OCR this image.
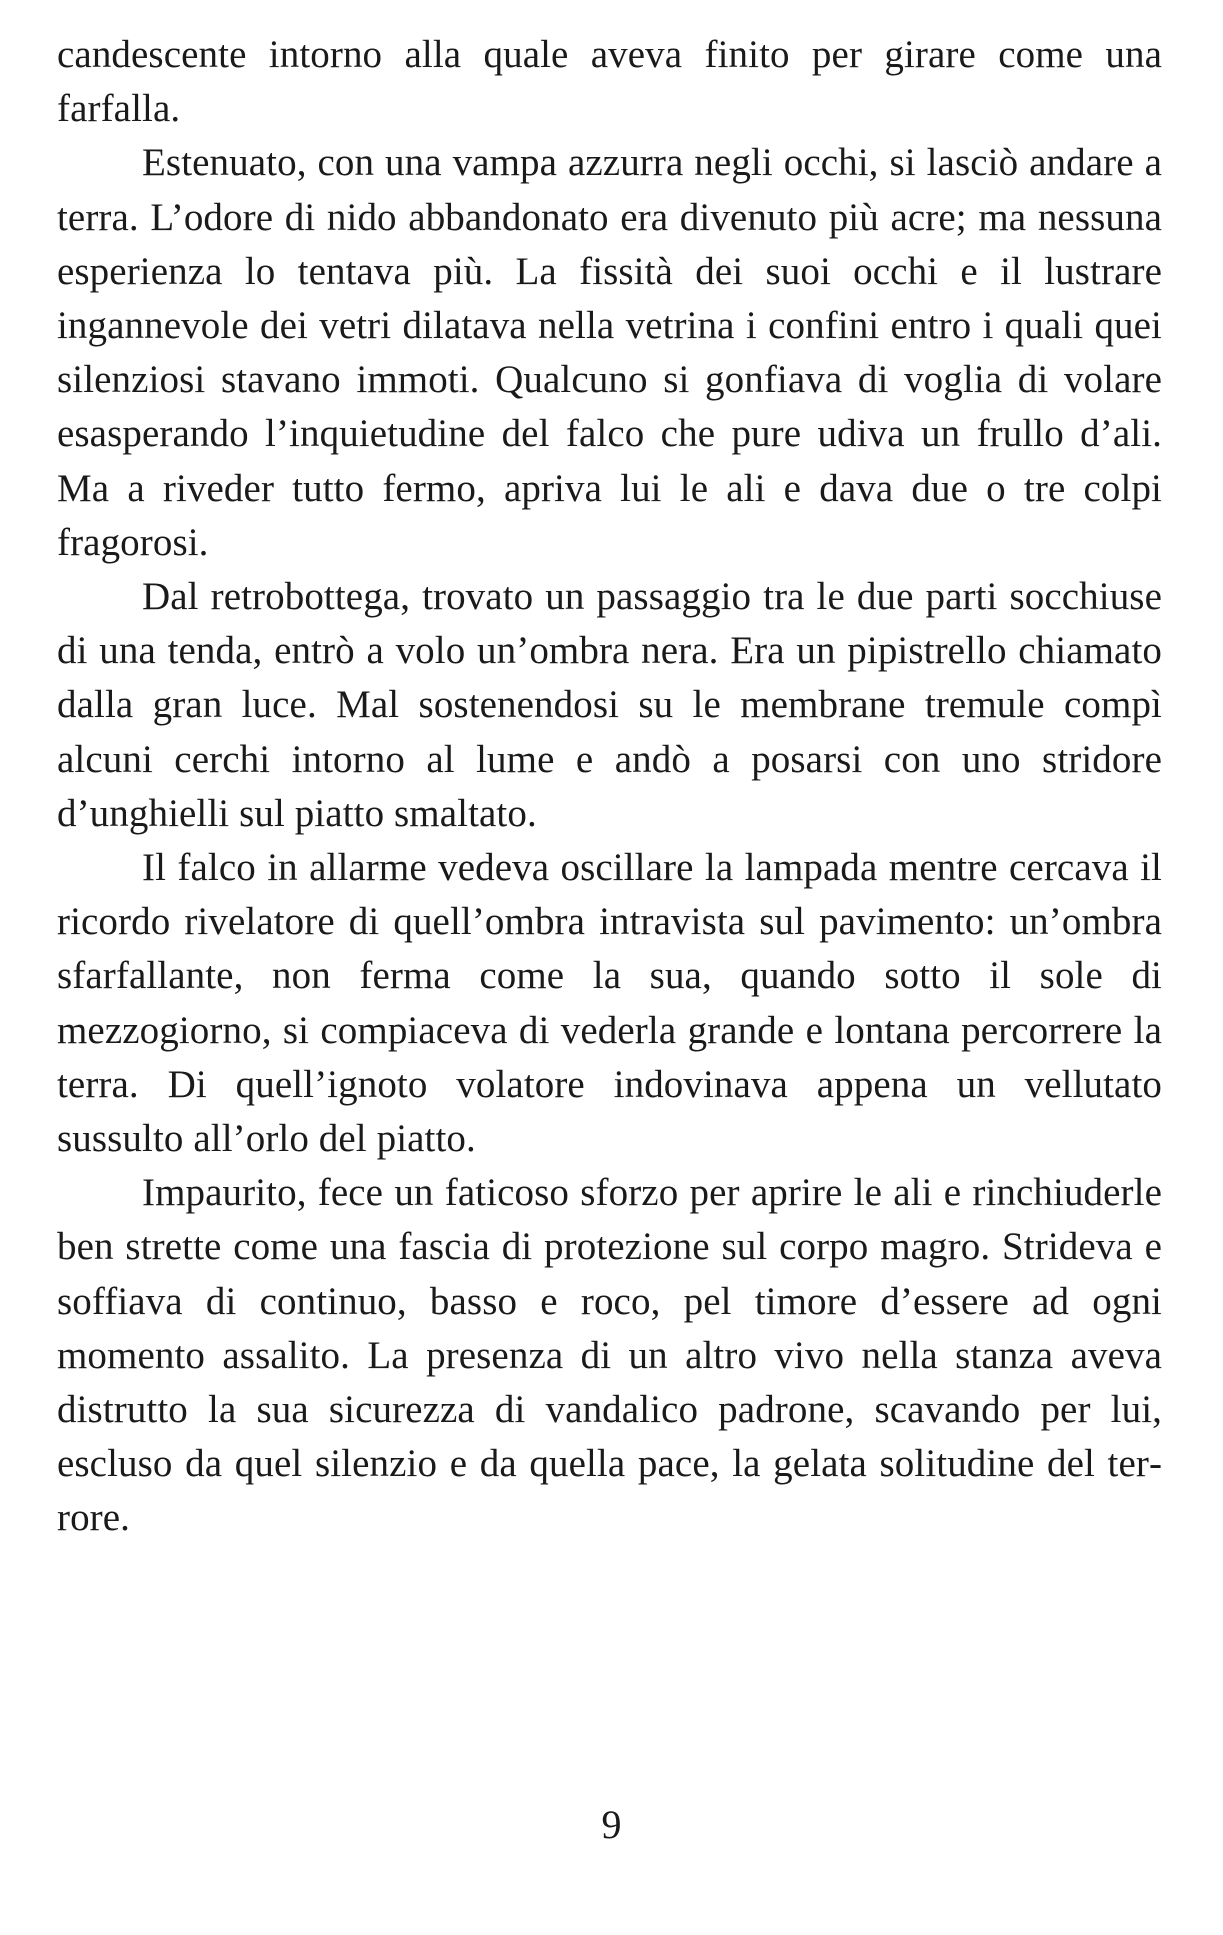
candescente intorno alla quale aveva finito per girare come una farfalla.

Estenuato, con una vampa azzurra negli occhi, si lasciò andare a terra. L’odore di nido abbandonato era divenuto più acre; ma nessuna esperienza lo tentava più. La fissità dei suoi occhi e il lustrare ingannevole dei vetri dilatava nella vetrina i confini entro i quali quei silenziosi stavano immoti. Qualcuno si gonfiava di voglia di volare esasperando l’inquietudine del falco che pure udiva un frullo d’ali. Ma a riveder tutto fermo, apriva lui le ali e dava due o tre colpi fragorosi.

Dal retrobottega, trovato un passaggio tra le due parti socchiuse di una tenda, entrò a volo un’ombra nera. Era un pipistrello chiamato dalla gran luce. Mal sostenendosi su le membrane tremule compì alcuni cerchi intorno al lume e andò a posarsi con uno stridore d’unghielli sul piatto smaltato.

Il falco in allarme vedeva oscillare la lampada mentre cercava il ricordo rivelatore di quell’ombra intravista sul pavimento: un’ombra sfarfallante, non ferma come la sua, quando sotto il sole di mezzogiorno, si compiaceva di vederla grande e lontana percorrere la terra. Di quell’ignoto volatore indovinava appena un vellutato sussulto all’orlo del piatto.

Impaurito, fece un faticoso sforzo per aprire le ali e rinchiuderle ben strette come una fascia di protezione sul corpo magro. Strideva e soffiava di continuo, basso e roco, pel timore d’essere ad ogni momento assalito. La presenza di un altro vivo nella stanza aveva distrutto la sua sicurezza di vandalico padrone, scavando per lui, escluso da quel silenzio e da quella pace, la gelata solitudine del terrore.

9
